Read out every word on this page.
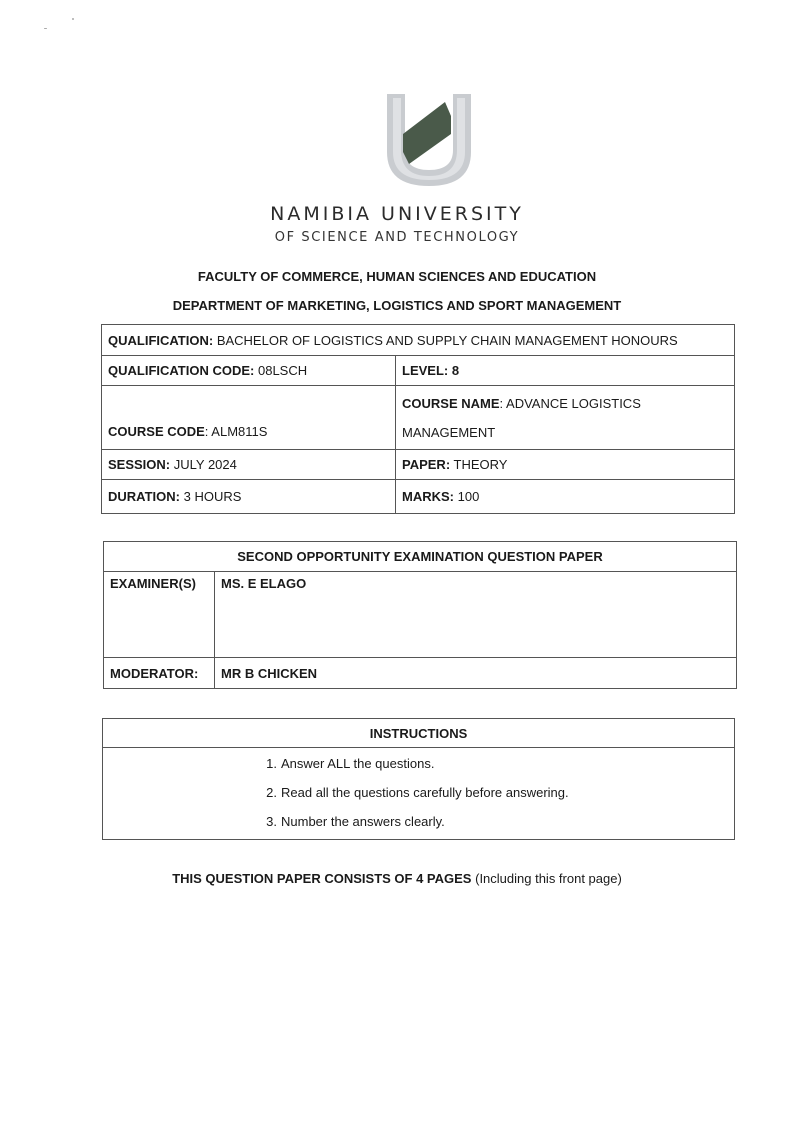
NAMIBIA UNIVERSITY
OF SCIENCE AND TECHNOLOGY
FACULTY OF COMMERCE, HUMAN SCIENCES AND EDUCATION
DEPARTMENT OF MARKETING, LOGISTICS AND SPORT MANAGEMENT
QUALIFICATION: BACHELOR OF LOGISTICS AND SUPPLY CHAIN MANAGEMENT HONOURS	
QUALIFICATION CODE: 08LSCH	LEVEL: 8
COURSE CODE: ALM811S	COURSE NAME: ADVANCE LOGISTICS
MANAGEMENT
SESSION: JULY 2024	PAPER: THEORY
DURATION: 3 HOURS	MARKS: 100
SECOND OPPORTUNITY EXAMINATION QUESTION PAPER	
EXAMINER(S)	MS. E ELAGO
MODERATOR:	MR B CHICKEN
INSTRUCTIONS

1. Answer ALL the questions.
2. Read all the questions carefully before answering.
3. Number the answers clearly.
THIS QUESTION PAPER CONSISTS OF 4 PAGES (Including this front page)
